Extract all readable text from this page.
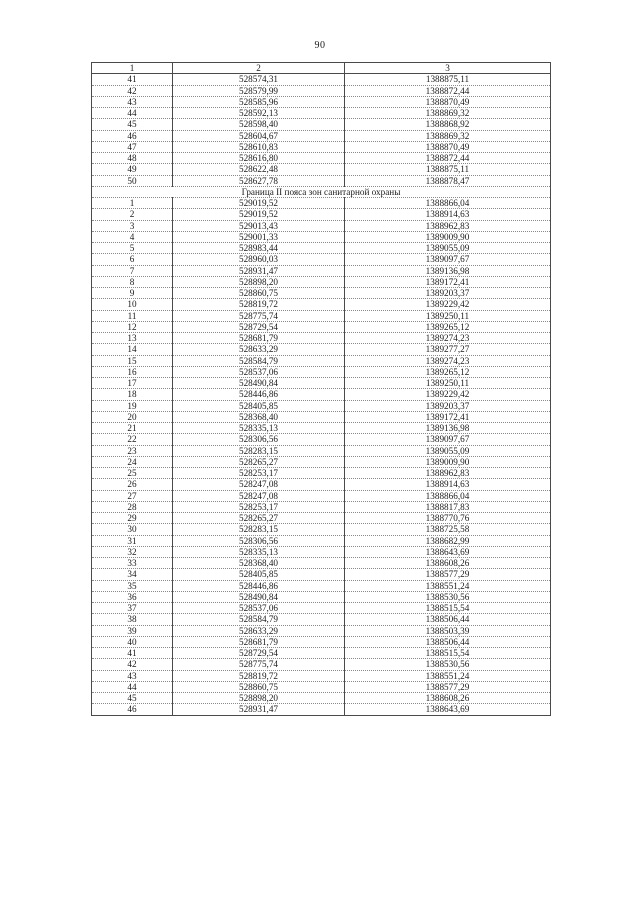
90
1	2	3
41	528574,31	1388875,11
42	528579,99	1388872,44
43	528585,96	1388870,49
44	528592,13	1388869,32
45	528598,40	1388868,92
46	528604,67	1388869,32
47	528610,83	1388870,49
48	528616,80	1388872,44
49	528622,48	1388875,11
50	528627,78	1388878,47
Граница II пояса зон санитарной охраны		
1	529019,52	1388866,04
2	529019,52	1388914,63
3	529013,43	1388962,83
4	529001,33	1389009,90
5	528983,44	1389055,09
6	528960,03	1389097,67
7	528931,47	1389136,98
8	528898,20	1389172,41
9	528860,75	1389203,37
10	528819,72	1389229,42
11	528775,74	1389250,11
12	528729,54	1389265,12
13	528681,79	1389274,23
14	528633,29	1389277,27
15	528584,79	1389274,23
16	528537,06	1389265,12
17	528490,84	1389250,11
18	528446,86	1389229,42
19	528405,85	1389203,37
20	528368,40	1389172,41
21	528335,13	1389136,98
22	528306,56	1389097,67
23	528283,15	1389055,09
24	528265,27	1389009,90
25	528253,17	1388962,83
26	528247,08	1388914,63
27	528247,08	1388866,04
28	528253,17	1388817,83
29	528265,27	1388770,76
30	528283,15	1388725,58
31	528306,56	1388682,99
32	528335,13	1388643,69
33	528368,40	1388608,26
34	528405,85	1388577,29
35	528446,86	1388551,24
36	528490,84	1388530,56
37	528537,06	1388515,54
38	528584,79	1388506,44
39	528633,29	1388503,39
40	528681,79	1388506,44
41	528729,54	1388515,54
42	528775,74	1388530,56
43	528819,72	1388551,24
44	528860,75	1388577,29
45	528898,20	1388608,26
46	528931,47	1388643,69
